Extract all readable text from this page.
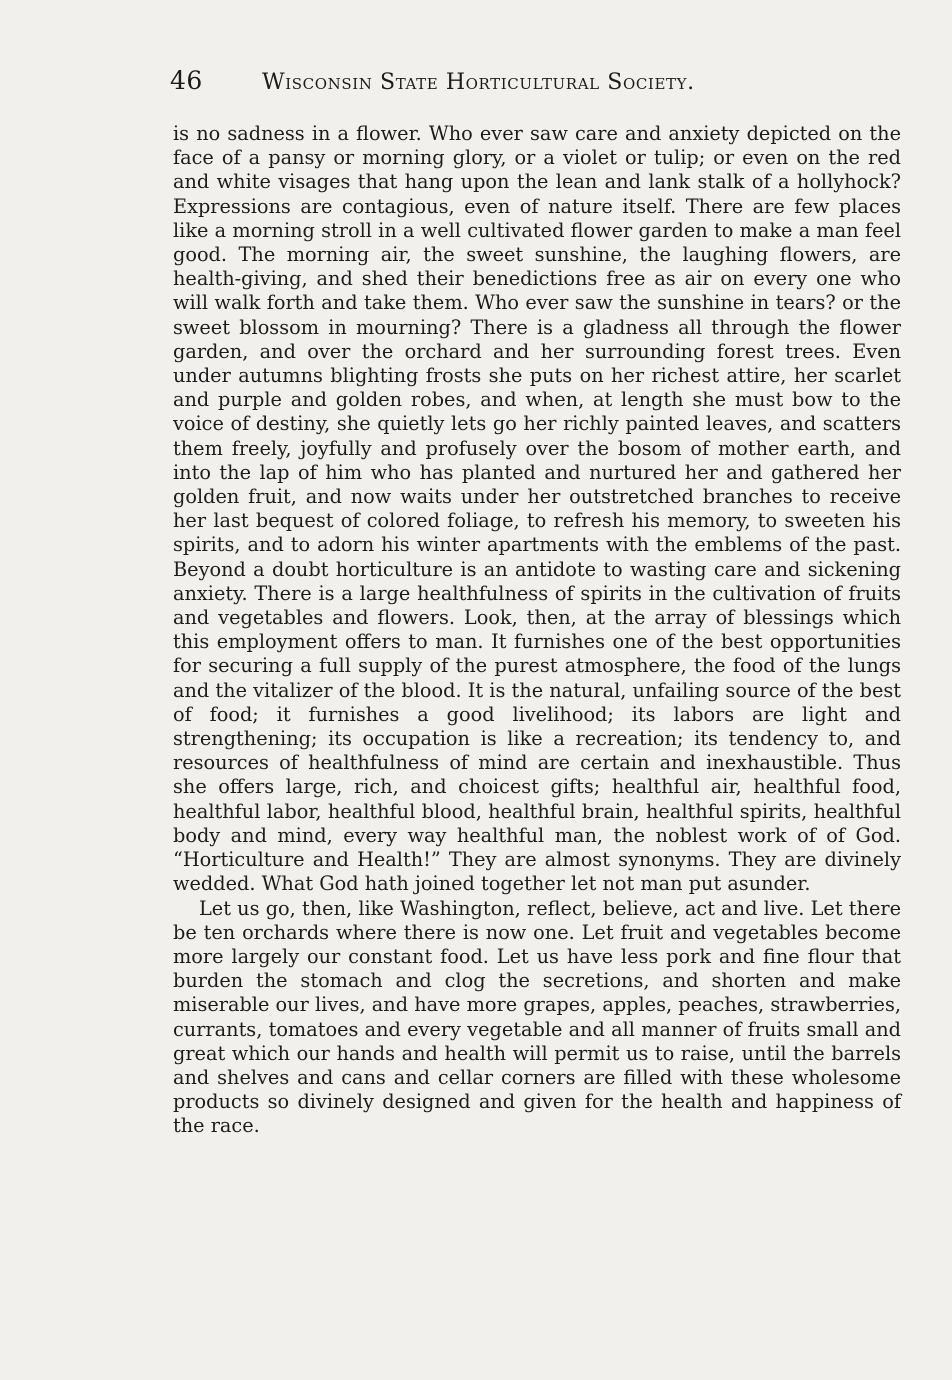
46	Wisconsin State Horticultural Society.

is no sadness in a flower. Who ever saw care and anxiety depicted on the face of a pansy or morning glory, or a violet or tulip; or even on the red and white visages that hang upon the lean and lank stalk of a hollyhock? Expressions are contagious, even of nature itself. There are few places like a morning stroll in a well cultivated flower garden to make a man feel good. The morning air, the sweet sunshine, the laughing flowers, are health-giving, and shed their benedictions free as air on every one who will walk forth and take them. Who ever saw the sunshine in tears? or the sweet blossom in mourning? There is a gladness all through the flower garden, and over the orchard and her surrounding forest trees. Even under autumns blighting frosts she puts on her richest attire, her scarlet and purple and golden robes, and when, at length she must bow to the voice of destiny, she quietly lets go her richly painted leaves, and scatters them freely, joyfully and profusely over the bosom of mother earth, and into the lap of him who has planted and nurtured her and gathered her golden fruit, and now waits under her outstretched branches to receive her last bequest of colored foliage, to refresh his memory, to sweeten his spirits, and to adorn his winter apartments with the emblems of the past. Beyond a doubt horticulture is an antidote to wasting care and sickening anxiety. There is a large healthfulness of spirits in the cultivation of fruits and vegetables and flowers. Look, then, at the array of blessings which this employment offers to man. It furnishes one of the best opportunities for securing a full supply of the purest atmosphere, the food of the lungs and the vitalizer of the blood. It is the natural, unfailing source of the best of food; it furnishes a good livelihood; its labors are light and strengthening; its occupation is like a recreation; its tendency to, and resources of healthfulness of mind are certain and inexhaustible. Thus she offers large, rich, and choicest gifts; healthful air, healthful food, healthful labor, healthful blood, healthful brain, healthful spirits, healthful body and mind, every way healthful man, the noblest work of of God. “Horticulture and Health!” They are almost synonyms. They are divinely wedded. What God hath joined together let not man put asunder.

Let us go, then, like Washington, reflect, believe, act and live. Let there be ten orchards where there is now one. Let fruit and vegetables become more largely our constant food. Let us have less pork and fine flour that burden the stomach and clog the secretions, and shorten and make miserable our lives, and have more grapes, apples, peaches, strawberries, currants, tomatoes and every vegetable and all manner of fruits small and great which our hands and health will permit us to raise, until the barrels and shelves and cans and cellar corners are filled with these wholesome products so divinely designed and given for the health and happiness of the race.
